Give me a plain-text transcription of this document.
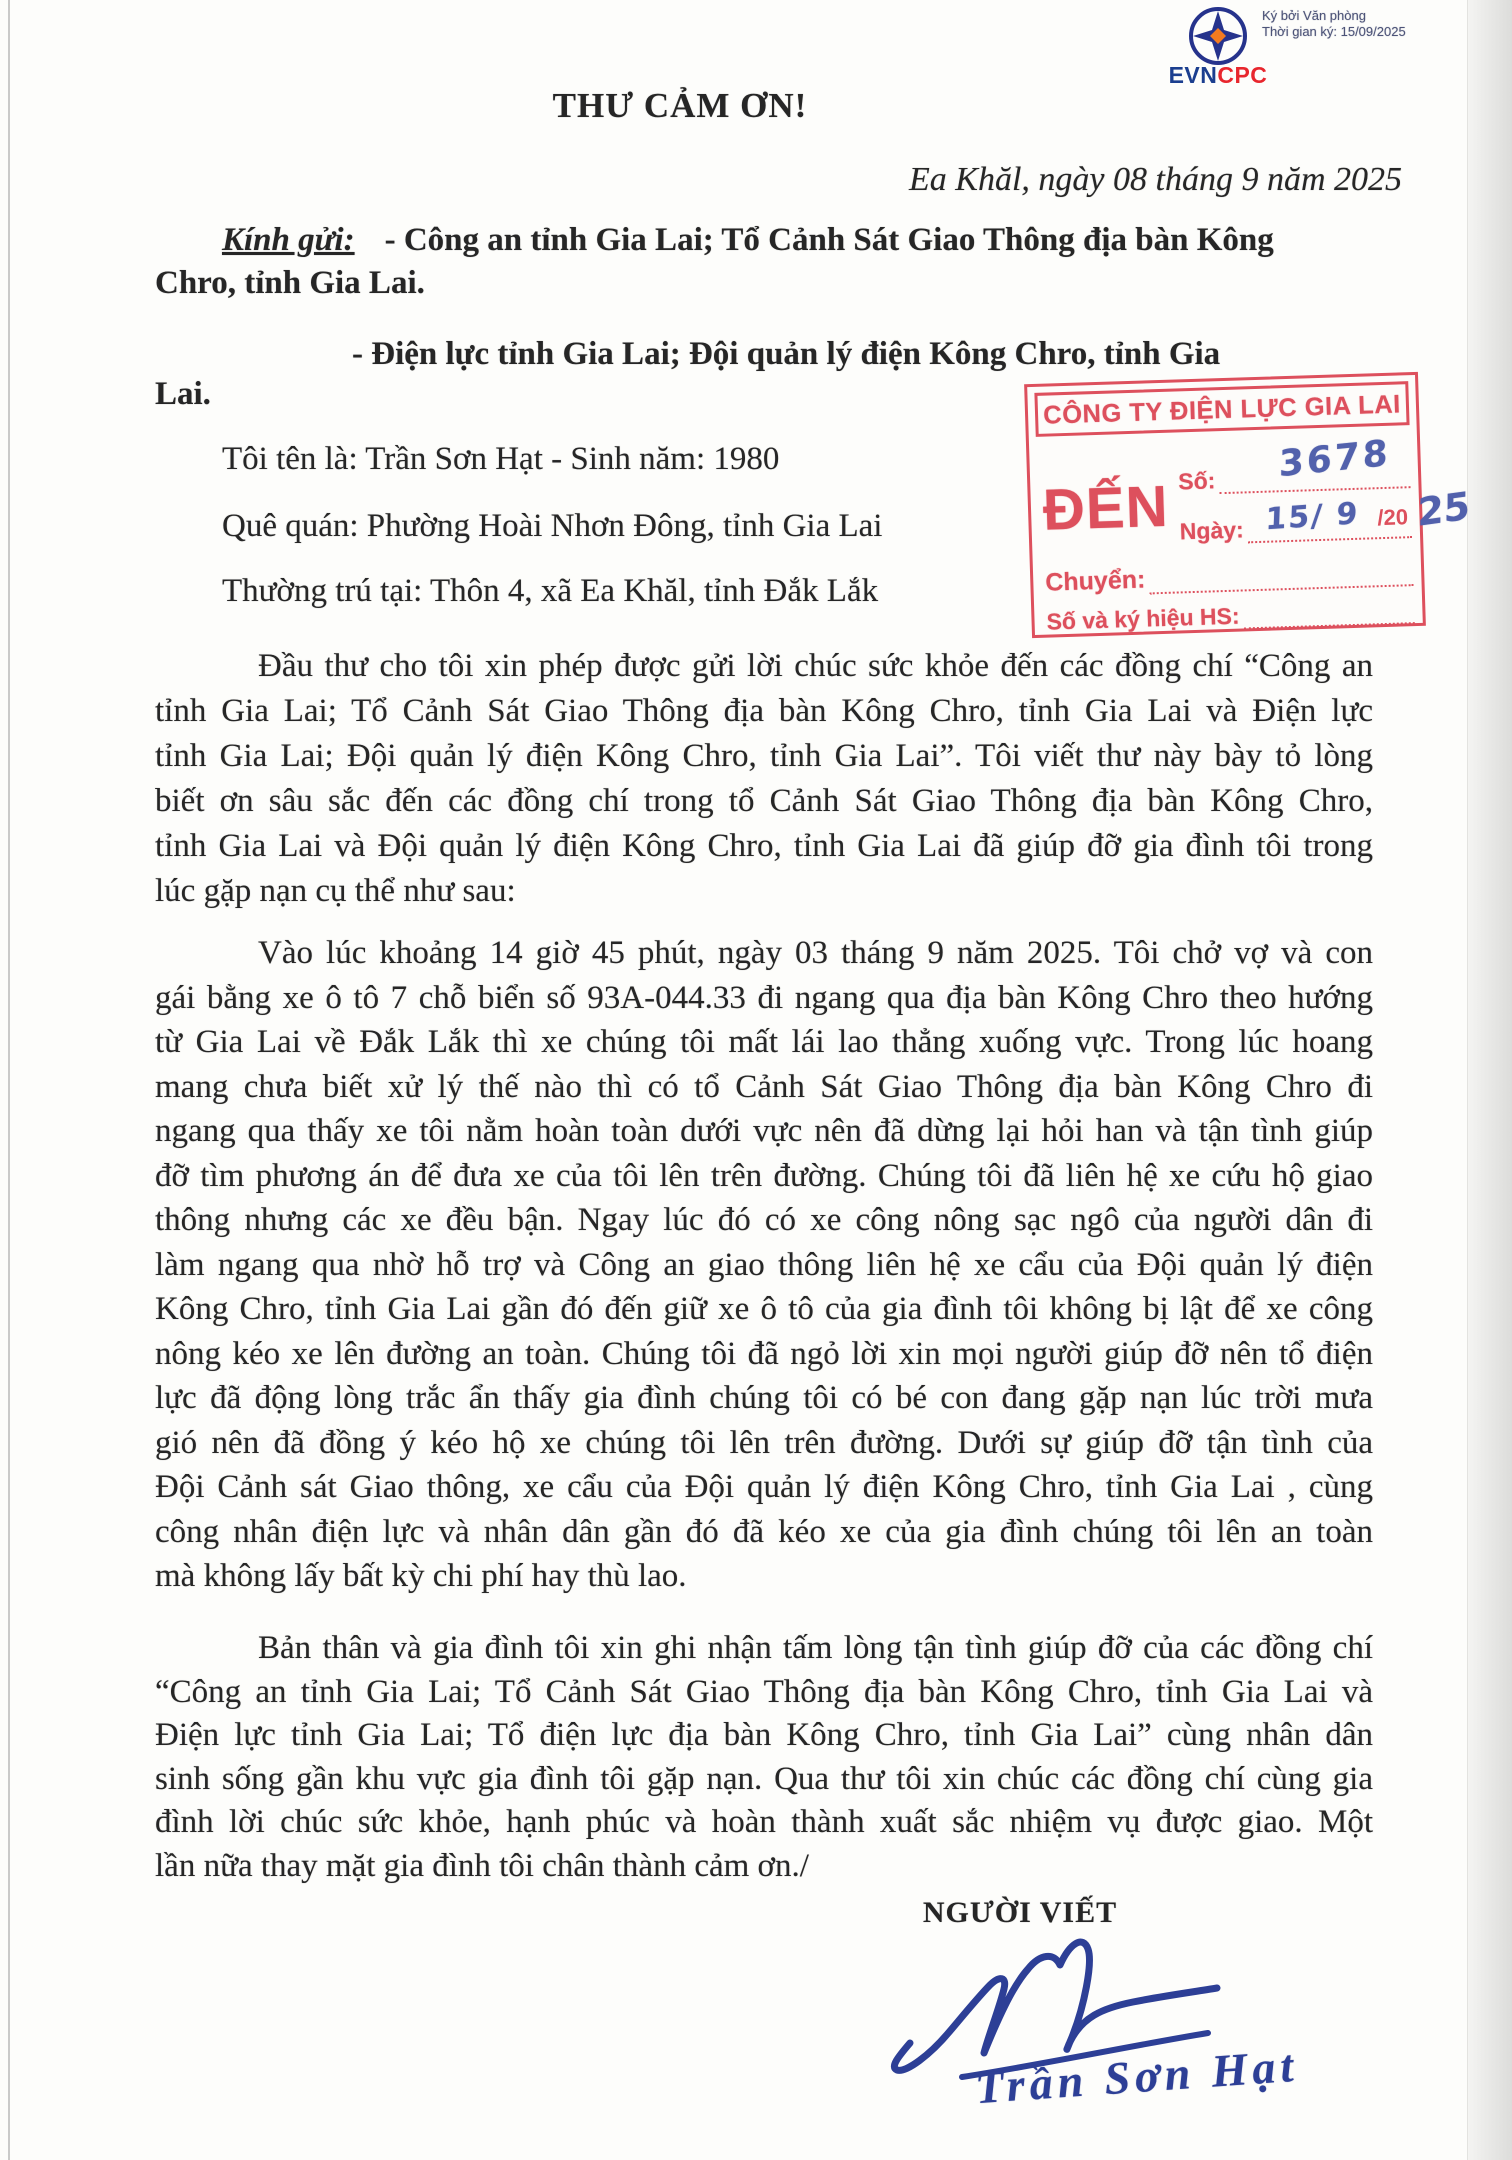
EVNCPC
Ký bởi Văn phòng
Thời gian ký: 15/09/2025
THƯ CẢM ƠN!
Ea Khăl, ngày 08 tháng 9 năm 2025
Kính gửi: - Công an tỉnh Gia Lai; Tổ Cảnh Sát Giao Thông địa bàn Kông
Chro, tỉnh Gia Lai.
- Điện lực tỉnh Gia Lai; Đội quản lý điện Kông Chro, tỉnh Gia
Lai.
Tôi tên là: Trần Sơn Hạt - Sinh năm: 1980
Quê quán: Phường Hoài Nhơn Đông, tỉnh Gia Lai
Thường trú tại: Thôn 4, xã Ea Khăl, tỉnh Đắk Lắk
Đầu thư cho tôi xin phép được gửi lời chúc sức khỏe đến các đồng chí “Công an
tỉnh Gia Lai; Tổ Cảnh Sát Giao Thông địa bàn Kông Chro, tỉnh Gia Lai và Điện lực
tỉnh Gia Lai; Đội quản lý điện Kông Chro, tỉnh Gia Lai”. Tôi viết thư này bày tỏ lòng
biết ơn sâu sắc đến các đồng chí trong tổ Cảnh Sát Giao Thông địa bàn Kông Chro,
tỉnh Gia Lai và Đội quản lý điện Kông Chro, tỉnh Gia Lai đã giúp đỡ gia đình tôi trong
lúc gặp nạn cụ thể như sau:
Vào lúc khoảng 14 giờ 45 phút, ngày 03 tháng 9 năm 2025. Tôi chở vợ và con
gái bằng xe ô tô 7 chỗ biển số 93A-044.33 đi ngang qua địa bàn Kông Chro theo hướng
từ Gia Lai về Đắk Lắk thì xe chúng tôi mất lái lao thẳng xuống vực. Trong lúc hoang
mang chưa biết xử lý thế nào thì có tổ Cảnh Sát Giao Thông địa bàn Kông Chro đi
ngang qua thấy xe tôi nằm hoàn toàn dưới vực nên đã dừng lại hỏi han và tận tình giúp
đỡ tìm phương án để đưa xe của tôi lên trên đường. Chúng tôi đã liên hệ xe cứu hộ giao
thông nhưng các xe đều bận. Ngay lúc đó có xe công nông sạc ngô của người dân đi
làm ngang qua nhờ hỗ trợ và Công an giao thông liên hệ xe cẩu của Đội quản lý điện
Kông Chro, tỉnh Gia Lai gần đó đến giữ xe ô tô của gia đình tôi không bị lật để xe công
nông kéo xe lên đường an toàn. Chúng tôi đã ngỏ lời xin mọi người giúp đỡ nên tổ điện
lực đã động lòng trắc ẩn thấy gia đình chúng tôi có bé con đang gặp nạn lúc trời mưa
gió nên đã đồng ý kéo hộ xe chúng tôi lên trên đường. Dưới sự giúp đỡ tận tình của
Đội Cảnh sát Giao thông, xe cẩu của Đội quản lý điện Kông Chro, tỉnh Gia Lai , cùng
công nhân điện lực và nhân dân gần đó đã kéo xe của gia đình chúng tôi lên an toàn
mà không lấy bất kỳ chi phí hay thù lao.
Bản thân và gia đình tôi xin ghi nhận tấm lòng tận tình giúp đỡ của các đồng chí
“Công an tỉnh Gia Lai; Tổ Cảnh Sát Giao Thông địa bàn Kông Chro, tỉnh Gia Lai và
Điện lực tỉnh Gia Lai; Tổ điện lực địa bàn Kông Chro, tỉnh Gia Lai” cùng nhân dân
sinh sống gần khu vực gia đình tôi gặp nạn. Qua thư tôi xin chúc các đồng chí cùng gia
đình lời chúc sức khỏe, hạnh phúc và hoàn thành xuất sắc nhiệm vụ được giao. Một
lần nữa thay mặt gia đình tôi chân thành cảm ơn./
NGƯỜI VIẾT
Trần Sơn Hạt
CÔNG TY ĐIỆN LỰC GIA LAI
ĐẾN Số: 3678
Ngày: 15/ 9 /20 25
Chuyển:
Số và ký hiệu HS:
